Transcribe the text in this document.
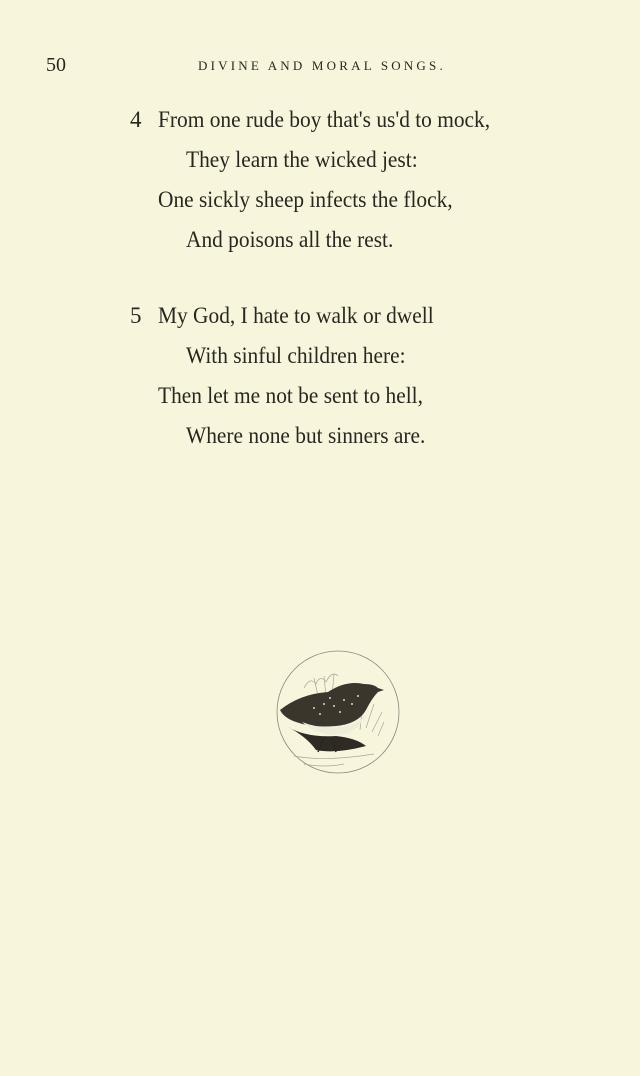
50	DIVINE AND MORAL SONGS.
4 From one rude boy that's us'd to mock,
They learn the wicked jest:
One sickly sheep infects the flock,
And poisons all the rest.
5 My God, I hate to walk or dwell
With sinful children here:
Then let me not be sent to hell,
Where none but sinners are.
